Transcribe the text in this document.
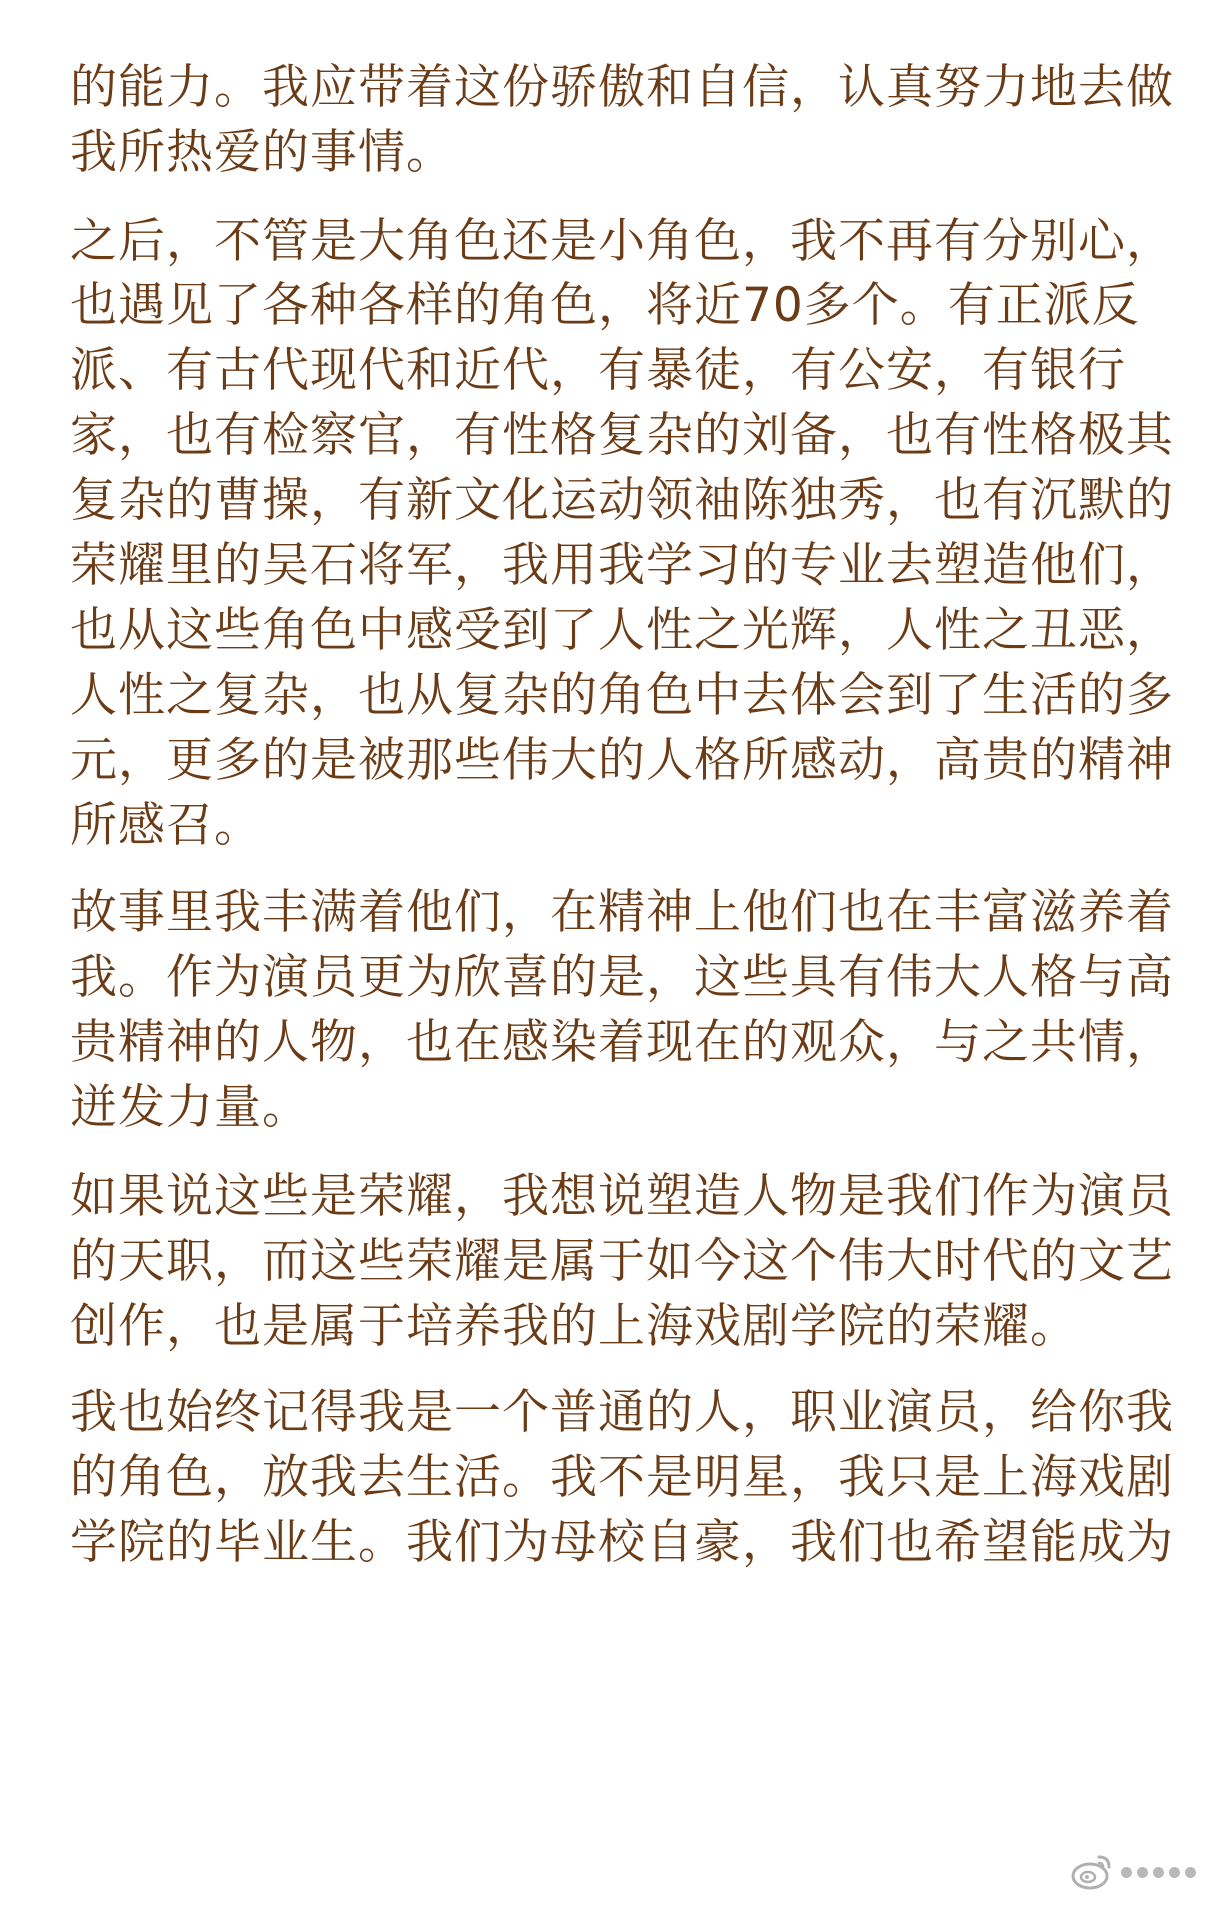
的能力。我应带着这份骄傲和自信，认真努力地去做
我所热爱的事情。
之后，不管是大角色还是小角色，我不再有分别心，
也遇见了各种各样的角色，将近70多个。有正派反
派、有古代现代和近代，有暴徒，有公安，有银行
家，也有检察官，有性格复杂的刘备，也有性格极其
复杂的曹操，有新文化运动领袖陈独秀，也有沉默的
荣耀里的吴石将军，我用我学习的专业去塑造他们，
也从这些角色中感受到了人性之光辉，人性之丑恶，
人性之复杂，也从复杂的角色中去体会到了生活的多
元，更多的是被那些伟大的人格所感动，高贵的精神
所感召。
故事里我丰满着他们，在精神上他们也在丰富滋养着
我。作为演员更为欣喜的是，这些具有伟大人格与高
贵精神的人物，也在感染着现在的观众，与之共情，
迸发力量。
如果说这些是荣耀，我想说塑造人物是我们作为演员
的天职，而这些荣耀是属于如今这个伟大时代的文艺
创作，也是属于培养我的上海戏剧学院的荣耀。
我也始终记得我是一个普通的人，职业演员，给你我
的角色，放我去生活。我不是明星，我只是上海戏剧
学院的毕业生。我们为母校自豪，我们也希望能成为
